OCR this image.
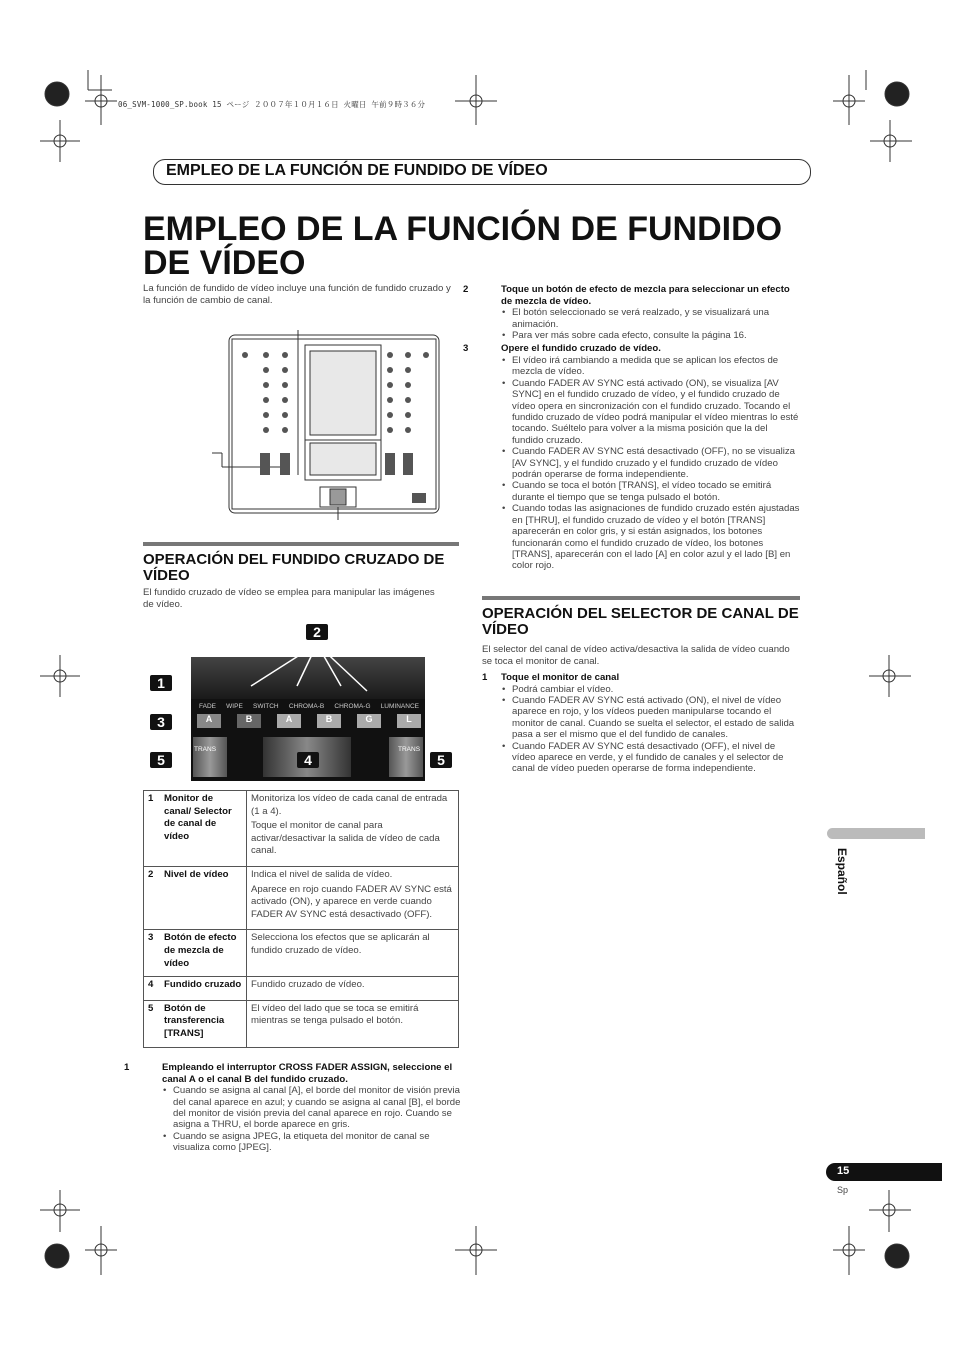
06_SVM-1000_SP.book 15 ページ ２００７年１０月１６日 火曜日 午前９時３６分
EMPLEO DE LA FUNCIÓN DE FUNDIDO DE VÍDEO
EMPLEO DE LA FUNCIÓN DE FUNDIDO DE VÍDEO

La función de fundido de vídeo incluye una función de fundido cruzado y la función de cambio de canal.

OPERACIÓN DEL FUNDIDO CRUZADO DE VÍDEO

El fundido cruzado de vídeo se emplea para manipular las imágenes de vídeo.

FADE WIPE SWITCH CHROMA-B CHROMA-G LUMINANCE
A	B	A	B	G	L
TRANS	TRANS
2
1
3
5	4	5
1	Monitor de canal/ Selector de canal de vídeo	Monitoriza los vídeo de cada canal de entrada (1 a 4).

Toque el monitor de canal para activar/desactivar la salida de vídeo de cada canal.

2	Nivel de vídeo	Indica el nivel de salida de vídeo.

Aparece en rojo cuando FADER AV SYNC está activado (ON), y aparece en verde cuando FADER AV SYNC está desactivado (OFF).

3	Botón de efecto de mezcla de vídeo	Selecciona los efectos que se aplicarán al fundido cruzado de vídeo.

4	Fundido cruzado	Fundido cruzado de vídeo.

5	Botón de transferencia [TRANS]	El vídeo del lado que se toca se emitirá mientras se tenga pulsado el botón.

1	Empleando el interruptor CROSS FADER ASSIGN, seleccione el canal A o el canal B del fundido cruzado.

• Cuando se asigna al canal [A], el borde del monitor de visión previa del canal aparece en azul; y cuando se asigna al canal [B], el borde del monitor de visión previa del canal aparece en rojo. Cuando se asigna a THRU, el borde aparece en gris.
• Cuando se asigna JPEG, la etiqueta del monitor de canal se visualiza como [JPEG].

2	Toque un botón de efecto de mezcla para seleccionar un efecto de mezcla de vídeo.

• El botón seleccionado se verá realzado, y se visualizará una animación.
• Para ver más sobre cada efecto, consulte la página 16.

3	Opere el fundido cruzado de vídeo.

• El vídeo irá cambiando a medida que se aplican los efectos de mezcla de vídeo.
• Cuando FADER AV SYNC está activado (ON), se visualiza [AV SYNC] en el fundido cruzado de vídeo, y el fundido cruzado de vídeo opera en sincronización con el fundido cruzado. Tocando el fundido cruzado de vídeo podrá manipular el vídeo mientras lo esté tocando. Suéltelo para volver a la misma posición que la del fundido cruzado.
• Cuando FADER AV SYNC está desactivado (OFF), no se visualiza [AV SYNC], y el fundido cruzado y el fundido cruzado de vídeo podrán operarse de forma independiente.
• Cuando se toca el botón [TRANS], el vídeo tocado se emitirá durante el tiempo que se tenga pulsado el botón.
• Cuando todas las asignaciones de fundido cruzado estén ajustadas en [THRU], el fundido cruzado de vídeo y el botón [TRANS] aparecerán en color gris, y si están asignados, los botones funcionarán como el fundido cruzado de vídeo, los botones [TRANS], aparecerán con el lado [A] en color azul y el lado [B] en color rojo.
OPERACIÓN DEL SELECTOR DE CANAL DE VÍDEO

El selector del canal de vídeo activa/desactiva la salida de vídeo cuando se toca el monitor de canal.

1 Toque el monitor de canal

• Podrá cambiar el vídeo.
• Cuando FADER AV SYNC está activado (ON), el nivel de vídeo aparece en rojo, y los vídeos pueden manipularse tocando el monitor de canal. Cuando se suelta el selector, el estado de salida pasa a ser el mismo que el del fundido de canales.
• Cuando FADER AV SYNC está desactivado (OFF), el nivel de vídeo aparece en verde, y el fundido de canales y el selector de canal de vídeo pueden operarse de forma independiente.
Español
15
Sp
